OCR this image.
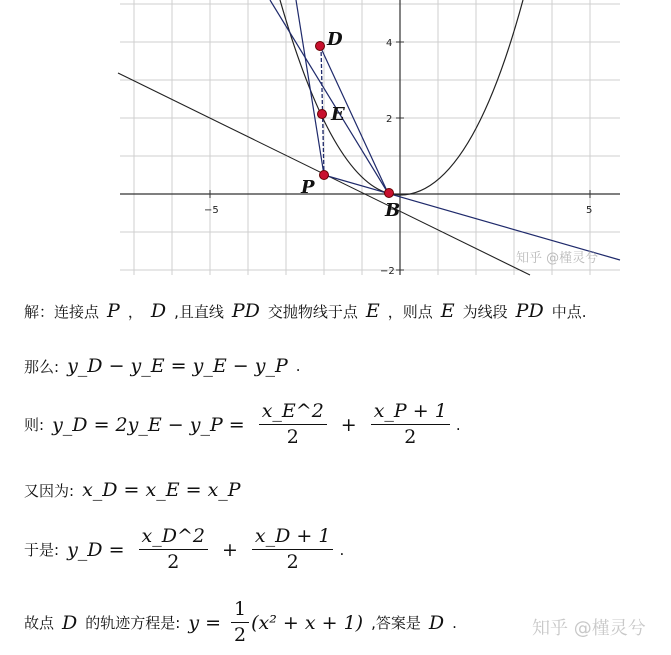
−5	5
4
2
−2
D
E
P
B
知乎 @槿灵兮
解：连接点 P ， D ,且直线 PD 交抛物线于点 E ，则点 E 为线段 PD 中点.
那么: y_D − y_E = y_E − y_P .
则: y_D = 2y_E − y_P = $\frac{x\_E\^{}2}{2} + \frac{x\_P + 1}{2}$ .
又因为: x_D = x_E = x_P
于是: y_D = $\frac{x\_D\^{}2}{2} + \frac{x\_D + 1}{2}$ .
故点 D 的轨迹方程是: $y = \frac{1}{2} (x^2 + x + 1)$ ,答案是 D .	知乎 @槿灵兮
